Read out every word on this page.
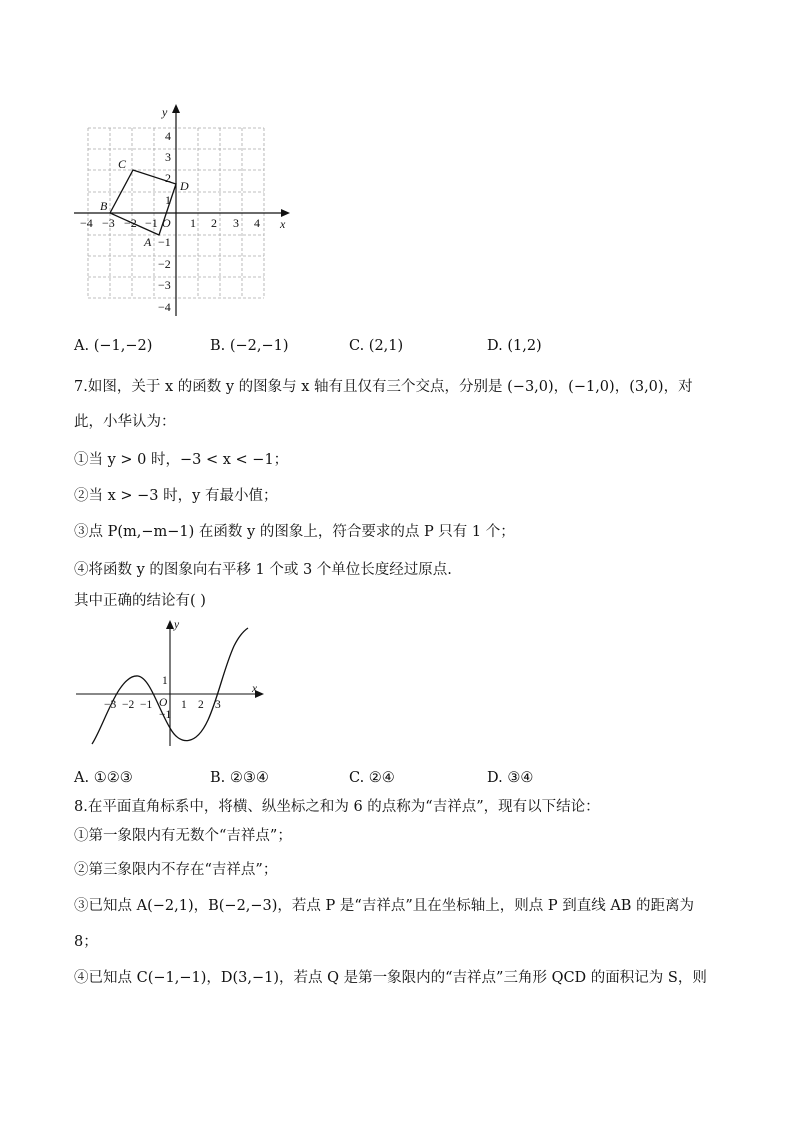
−4 −3 −2 −1 O 1 2 3 4 x
y
4
3
2
1
−1
−2
−3
−4
A
B
C
D
A. (−1,−2)	B. (−2,−1)	C. (2,1)	D. (1,2)
7.如图，关于 x 的函数 y 的图象与 x 轴有且仅有三个交点，分别是 (−3,0)，(−1,0)，(3,0)，对
此，小华认为：
①当 y > 0 时，−3 < x < −1；
②当 x > −3 时，y 有最小值；
③点 P(m,−m−1) 在函数 y 的图象上，符合要求的点 P 只有 1 个；
④将函数 y 的图象向右平移 1 个或 3 个单位长度经过原点.
其中正确的结论有( )
y
x
1
−1
O
−3 −2 −1	1 2 3
A. ①②③	B. ②③④	C. ②④	D. ③④
8.在平面直角标系中，将横、纵坐标之和为 6 的点称为“吉祥点”，现有以下结论：
①第一象限内有无数个“吉祥点”；
②第三象限内不存在“吉祥点”；
③已知点 A(−2,1)，B(−2,−3)，若点 P 是“吉祥点”且在坐标轴上，则点 P 到直线 AB 的距离为
8；
④已知点 C(−1,−1)，D(3,−1)，若点 Q 是第一象限内的“吉祥点”三角形 QCD 的面积记为 S，则
